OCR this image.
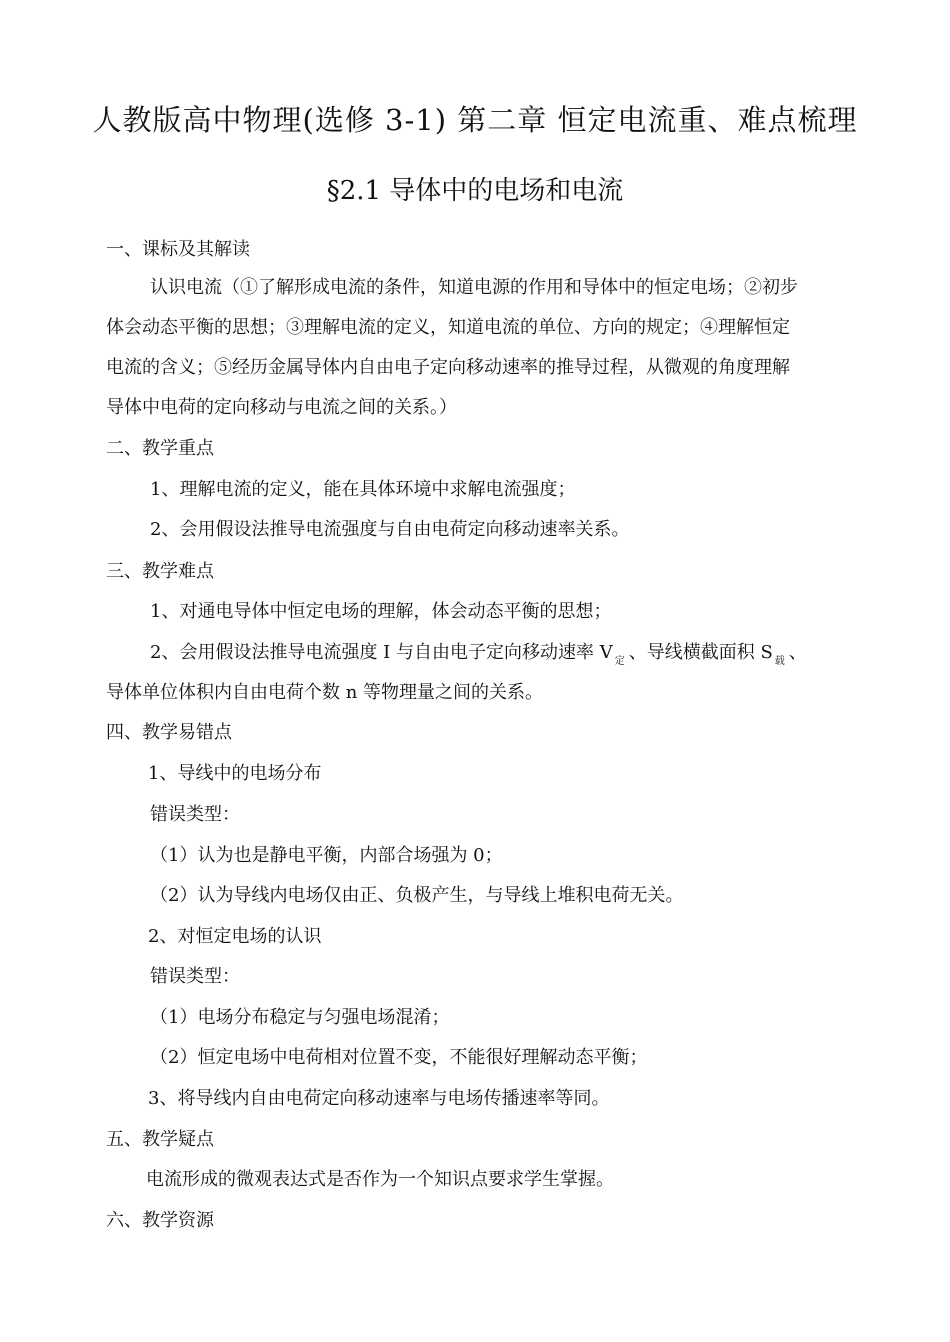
人教版高中物理(选修 3-1) 第二章 恒定电流重、难点梳理
§2.1 导体中的电场和电流
一、课标及其解读
认识电流（①了解形成电流的条件，知道电源的作用和导体中的恒定电场；②初步
体会动态平衡的思想；③理解电流的定义，知道电流的单位、方向的规定；④理解恒定
电流的含义；⑤经历金属导体内自由电子定向移动速率的推导过程，从微观的角度理解
导体中电荷的定向移动与电流之间的关系。）
二、教学重点
1、理解电流的定义，能在具体环境中求解电流强度；
2、会用假设法推导电流强度与自由电荷定向移动速率关系。
三、教学难点
1、对通电导体中恒定电场的理解，体会动态平衡的思想；
2、会用假设法推导电流强度 I 与自由电子定向移动速率 V $_定$ 、导线横截面积 S $_载$ 、
导体单位体积内自由电荷个数 n 等物理量之间的关系。
四、教学易错点
1、导线中的电场分布
错误类型：
（1）认为也是静电平衡，内部合场强为 0；
（2）认为导线内电场仅由正、负极产生，与导线上堆积电荷无关。
2、对恒定电场的认识
错误类型：
（1）电场分布稳定与匀强电场混淆；
（2）恒定电场中电荷相对位置不变，不能很好理解动态平衡；
3、将导线内自由电荷定向移动速率与电场传播速率等同。
五、教学疑点
电流形成的微观表达式是否作为一个知识点要求学生掌握。
六、教学资源
